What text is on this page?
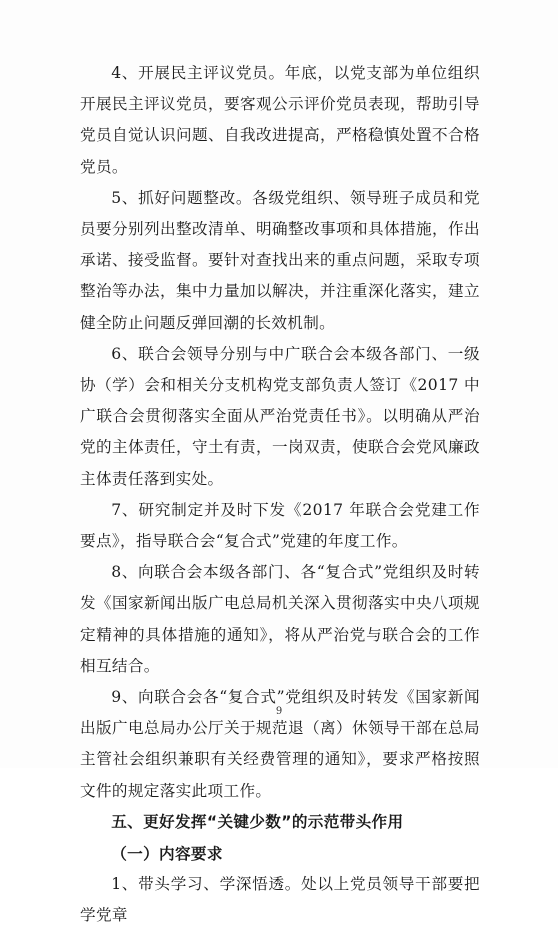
4、开展民主评议党员。年底，以党支部为单位组织开展民主评议党员，要客观公示评价党员表现，帮助引导党员自觉认识问题、自我改进提高，严格稳慎处置不合格党员。

5、抓好问题整改。各级党组织、领导班子成员和党员要分别列出整改清单、明确整改事项和具体措施，作出承诺、接受监督。要针对查找出来的重点问题，采取专项整治等办法，集中力量加以解决，并注重深化落实，建立健全防止问题反弹回潮的长效机制。

6、联合会领导分别与中广联合会本级各部门、一级协（学）会和相关分支机构党支部负责人签订《2017 中广联合会贯彻落实全面从严治党责任书》。以明确从严治党的主体责任，守土有责，一岗双责，使联合会党风廉政主体责任落到实处。

7、研究制定并及时下发《2017 年联合会党建工作要点》，指导联合会“复合式”党建的年度工作。

8、向联合会本级各部门、各“复合式”党组织及时转发《国家新闻出版广电总局机关深入贯彻落实中央八项规定精神的具体措施的通知》，将从严治党与联合会的工作相互结合。

9、向联合会各“复合式”党组织及时转发《国家新闻出版广电总局办公厅关于规范退（离）休领导干部在总局主管社会组织兼职有关经费管理的通知》，要求严格按照文件的规定落实此项工作。

五、更好发挥“关键少数”的示范带头作用

（一）内容要求

1、带头学习、学深悟透。处以上党员领导干部要把学党章

9
